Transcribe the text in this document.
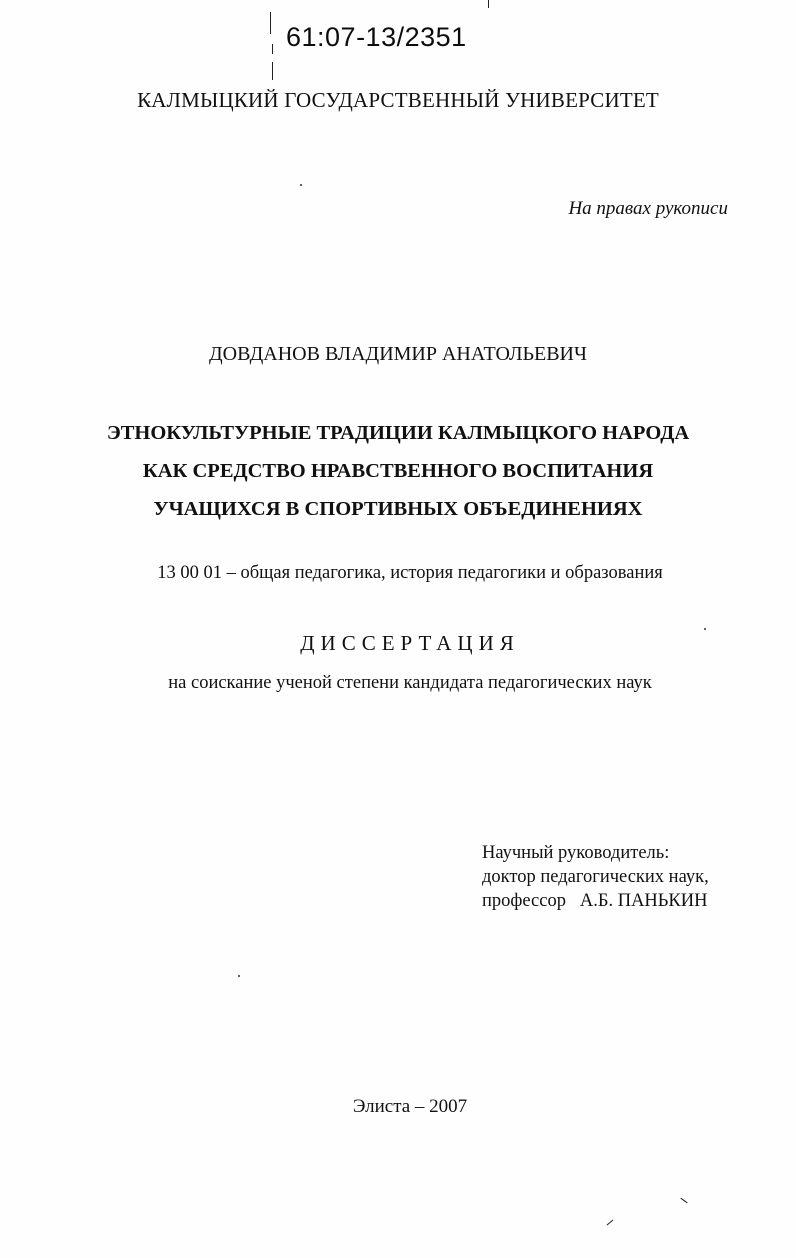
61:07-13/2351
КАЛМЫЦКИЙ ГОСУДАРСТВЕННЫЙ УНИВЕРСИТЕТ
На правах рукописи
ДОВДАНОВ ВЛАДИМИР АНАТОЛЬЕВИЧ
ЭТНОКУЛЬТУРНЫЕ ТРАДИЦИИ КАЛМЫЦКОГО НАРОДА
КАК СРЕДСТВО НРАВСТВЕННОГО ВОСПИТАНИЯ
УЧАЩИХСЯ В СПОРТИВНЫХ ОБЪЕДИНЕНИЯХ
13 00 01 – общая педагогика, история педагогики и образования
ДИССЕРТАЦИЯ
на соискание ученой степени кандидата педагогических наук
Научный руководитель:
доктор педагогических наук,
профессор   А.Б. ПАНЬКИН
Элиста – 2007
